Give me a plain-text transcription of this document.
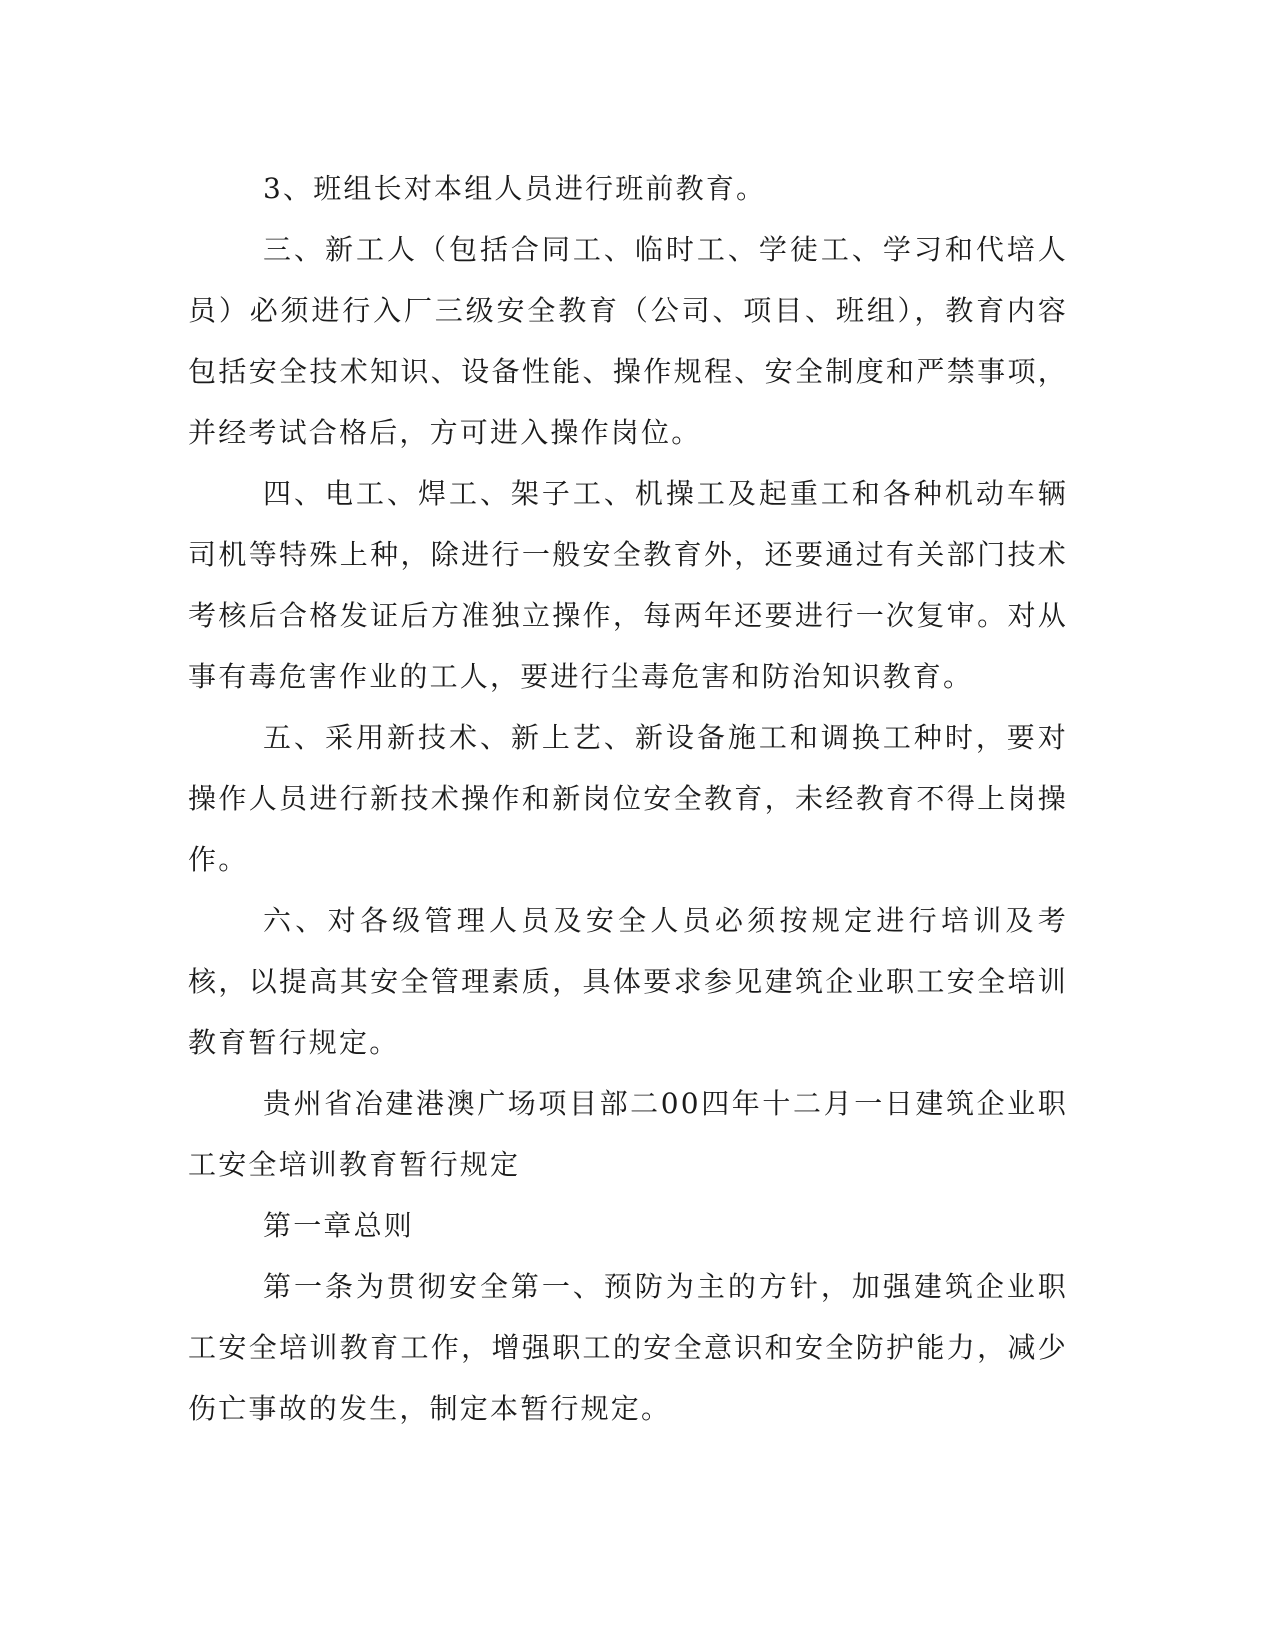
3、班组长对本组人员进行班前教育。

三、新工人（包括合同工、临时工、学徒工、学习和代培人员）必须进行入厂三级安全教育（公司、项目、班组），教育内容包括安全技术知识、设备性能、操作规程、安全制度和严禁事项，并经考试合格后，方可进入操作岗位。

四、电工、焊工、架子工、机操工及起重工和各种机动车辆司机等特殊上种，除进行一般安全教育外，还要通过有关部门技术考核后合格发证后方准独立操作，每两年还要进行一次复审。对从事有毒危害作业的工人，要进行尘毒危害和防治知识教育。

五、采用新技术、新上艺、新设备施工和调换工种时，要对操作人员进行新技术操作和新岗位安全教育，未经教育不得上岗操作。

六、对各级管理人员及安全人员必须按规定进行培训及考核，以提高其安全管理素质，具体要求参见建筑企业职工安全培训教育暂行规定。

贵州省冶建港澳广场项目部二00四年十二月一日建筑企业职工安全培训教育暂行规定

第一章总则

第一条为贯彻安全第一、预防为主的方针，加强建筑企业职工安全培训教育工作，增强职工的安全意识和安全防护能力，减少伤亡事故的发生，制定本暂行规定。
